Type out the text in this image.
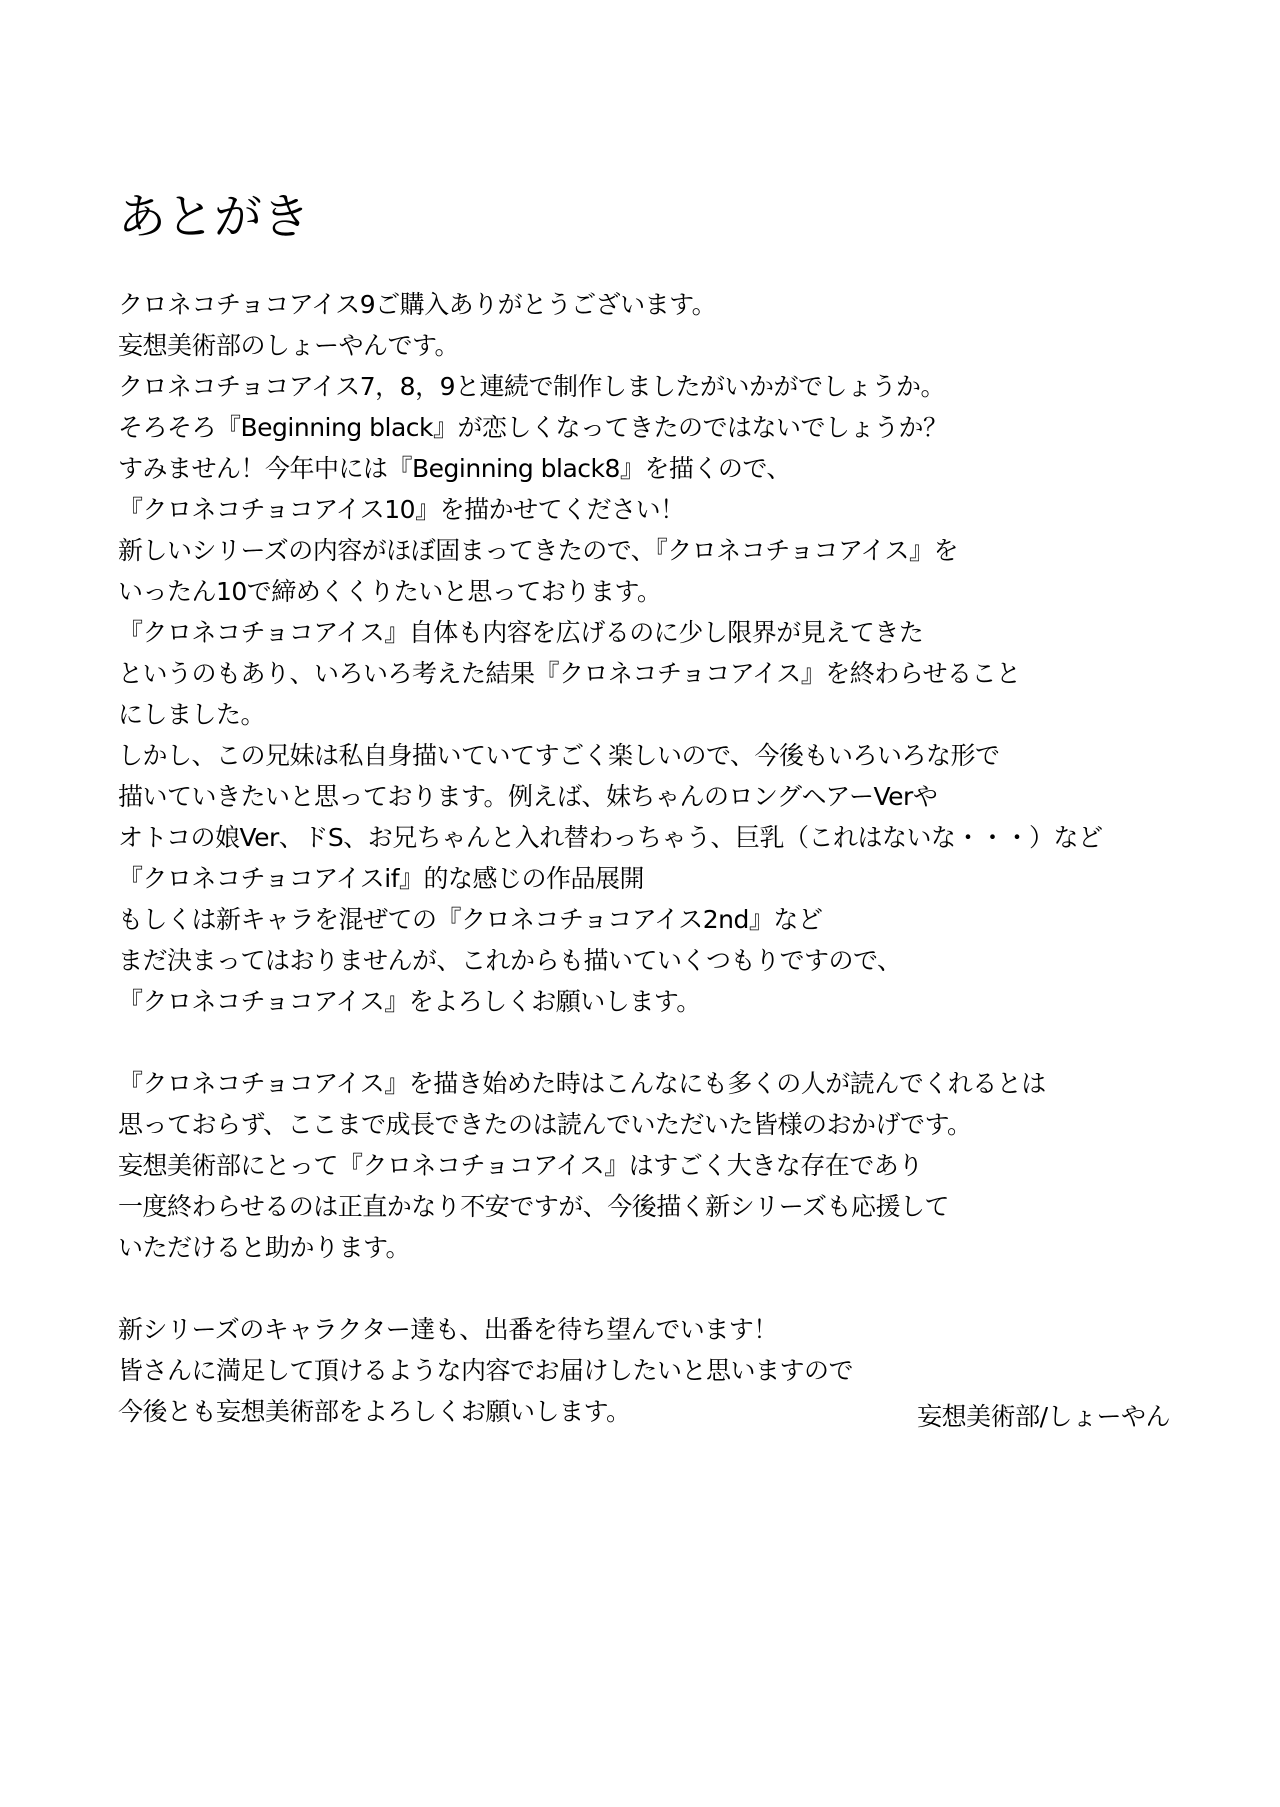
あとがき
クロネコチョコアイス9ご購入ありがとうございます。
妄想美術部のしょーやんです。
クロネコチョコアイス7，8，9と連続で制作しましたがいかがでしょうか。
そろそろ『Beginning black』が恋しくなってきたのではないでしょうか？
すみません！今年中には『Beginning black8』を描くので、
『クロネコチョコアイス10』を描かせてください！
新しいシリーズの内容がほぼ固まってきたので、『クロネコチョコアイス』を
いったん10で締めくくりたいと思っております。
『クロネコチョコアイス』自体も内容を広げるのに少し限界が見えてきた
というのもあり、いろいろ考えた結果『クロネコチョコアイス』を終わらせること
にしました。
しかし、この兄妹は私自身描いていてすごく楽しいので、今後もいろいろな形で
描いていきたいと思っております。例えば、妹ちゃんのロングヘアーVerや
オトコの娘Ver、ドS、お兄ちゃんと入れ替わっちゃう、巨乳（これはないな・・・）など
『クロネコチョコアイスif』的な感じの作品展開
もしくは新キャラを混ぜての『クロネコチョコアイス2nd』など
まだ決まってはおりませんが、これからも描いていくつもりですので、
『クロネコチョコアイス』をよろしくお願いします。
『クロネコチョコアイス』を描き始めた時はこんなにも多くの人が読んでくれるとは
思っておらず、ここまで成長できたのは読んでいただいた皆様のおかげです。
妄想美術部にとって『クロネコチョコアイス』はすごく大きな存在であり
一度終わらせるのは正直かなり不安ですが、今後描く新シリーズも応援して
いただけると助かります。
新シリーズのキャラクター達も、出番を待ち望んでいます！
皆さんに満足して頂けるような内容でお届けしたいと思いますので
今後とも妄想美術部をよろしくお願いします。	妄想美術部/しょーやん
